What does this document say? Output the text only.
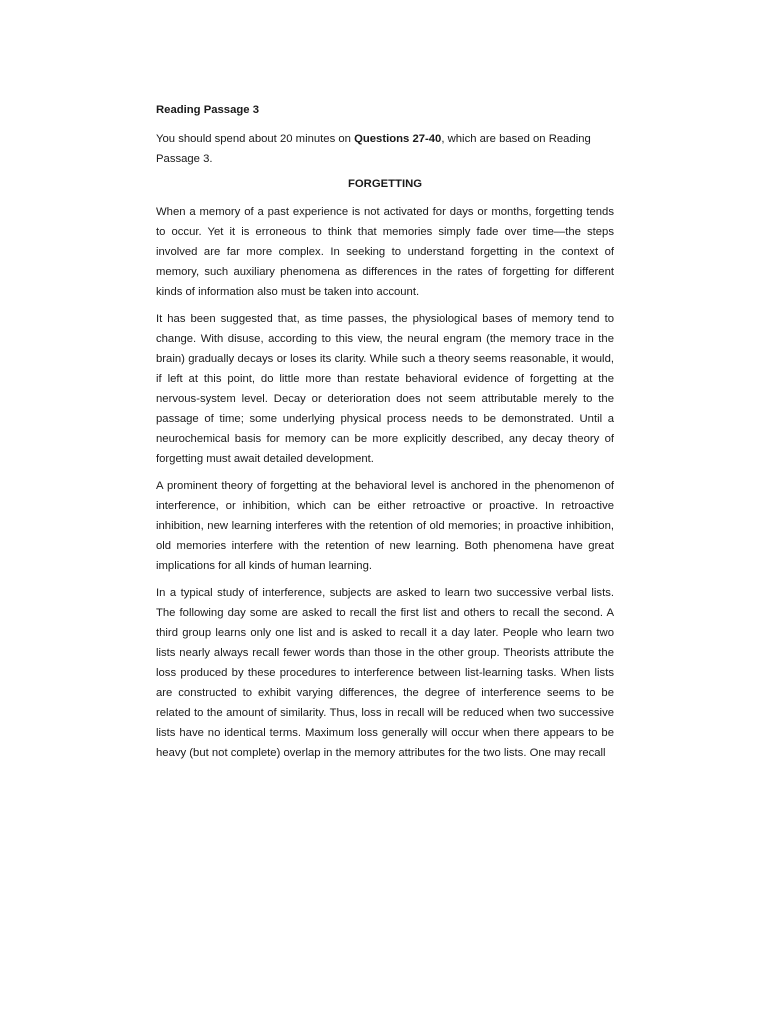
Reading Passage 3
You should spend about 20 minutes on Questions 27-40, which are based on Reading Passage 3.
FORGETTING

When a memory of a past experience is not activated for days or months, forgetting tends to occur. Yet it is erroneous to think that memories simply fade over time—the steps involved are far more complex. In seeking to understand forgetting in the context of memory, such auxiliary phenomena as differences in the rates of forgetting for different kinds of information also must be taken into account.

It has been suggested that, as time passes, the physiological bases of memory tend to change. With disuse, according to this view, the neural engram (the memory trace in the brain) gradually decays or loses its clarity. While such a theory seems reasonable, it would, if left at this point, do little more than restate behavioral evidence of forgetting at the nervous-system level. Decay or deterioration does not seem attributable merely to the passage of time; some underlying physical process needs to be demonstrated. Until a neurochemical basis for memory can be more explicitly described, any decay theory of forgetting must await detailed development.

A prominent theory of forgetting at the behavioral level is anchored in the phenomenon of interference, or inhibition, which can be either retroactive or proactive. In retroactive inhibition, new learning interferes with the retention of old memories; in proactive inhibition, old memories interfere with the retention of new learning. Both phenomena have great implications for all kinds of human learning.

In a typical study of interference, subjects are asked to learn two successive verbal lists. The following day some are asked to recall the first list and others to recall the second. A third group learns only one list and is asked to recall it a day later. People who learn two lists nearly always recall fewer words than those in the other group. Theorists attribute the loss produced by these procedures to interference between list-learning tasks. When lists are constructed to exhibit varying differences, the degree of interference seems to be related to the amount of similarity. Thus, loss in recall will be reduced when two successive lists have no identical terms. Maximum loss generally will occur when there appears to be heavy (but not complete) overlap in the memory attributes for the two lists. One may recall
